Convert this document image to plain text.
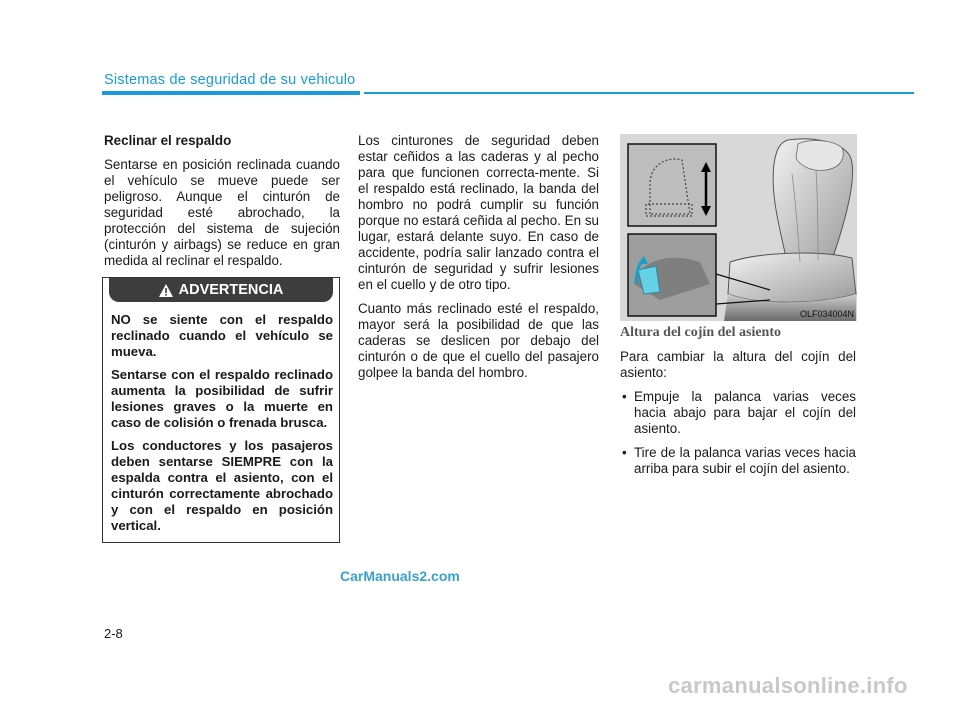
Sistemas de seguridad de su vehiculo

Reclinar el respaldo

Sentarse en posición reclinada cuando el vehículo se mueve puede ser peligroso. Aunque el cinturón de seguridad esté abrochado, la protección del sistema de sujeción (cinturón y airbags) se reduce en gran medida al reclinar el respaldo.

ADVERTENCIA

NO se siente con el respaldo reclinado cuando el vehículo se mueva.

Sentarse con el respaldo reclinado aumenta la posibilidad de sufrir lesiones graves o la muerte en caso de colisión o frenada brusca.

Los conductores y los pasajeros deben sentarse SIEMPRE con la espalda contra el asiento, con el cinturón correctamente abrochado y con el respaldo en posición vertical.

Los cinturones de seguridad deben estar ceñidos a las caderas y al pecho para que funcionen correcta-mente. Si el respaldo está reclinado, la banda del hombro no podrá cumplir su función porque no estará ceñida al pecho. En su lugar, estará delante suyo. En caso de accidente, podría salir lanzado contra el cinturón de seguridad y sufrir lesiones en el cuello y de otro tipo.

Cuanto más reclinado esté el respaldo, mayor será la posibilidad de que las caderas se deslicen por debajo del cinturón o de que el cuello del pasajero golpee la banda del hombro.

OLF034004N

Altura del cojín del asiento

Para cambiar la altura del cojín del asiento:

• Empuje la palanca varias veces hacia abajo para bajar el cojín del asiento.
• Tire de la palanca varias veces hacia arriba para subir el cojín del asiento.
CarManuals2.com
2-8
carmanualsonline.info
